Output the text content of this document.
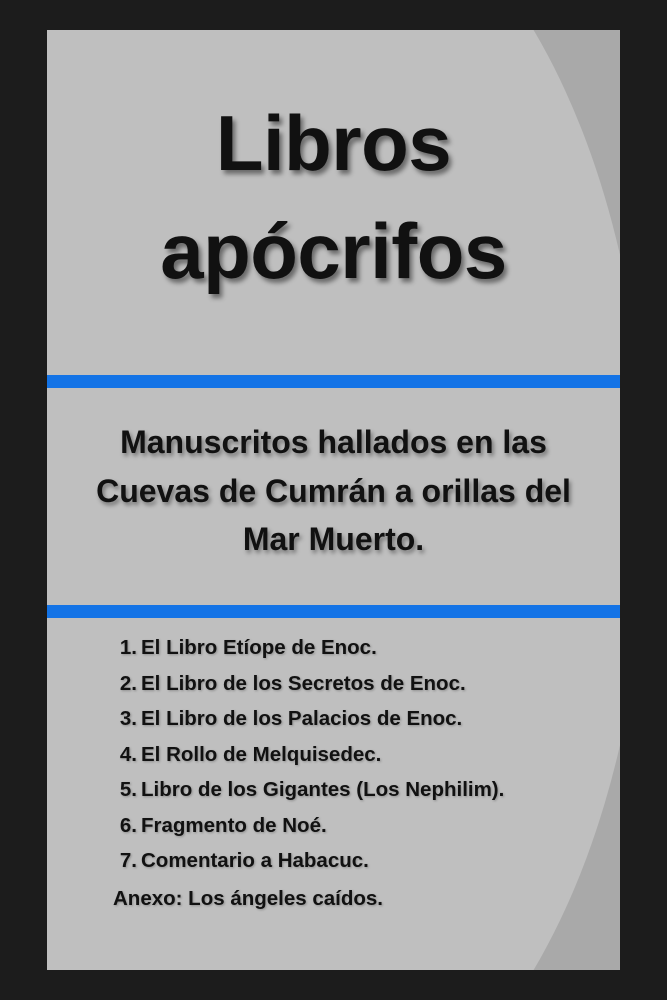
Libros
apócrifos
Manuscritos hallados en las Cuevas de Cumrán a orillas del Mar Muerto.
1. El Libro Etíope de Enoc.
2. El Libro de los Secretos de Enoc.
3. El Libro de los Palacios de Enoc.
4. El Rollo de Melquisedec.
5. Libro de los Gigantes (Los Nephilim).
6. Fragmento de Noé.
7. Comentario a Habacuc.
Anexo: Los ángeles caídos.
